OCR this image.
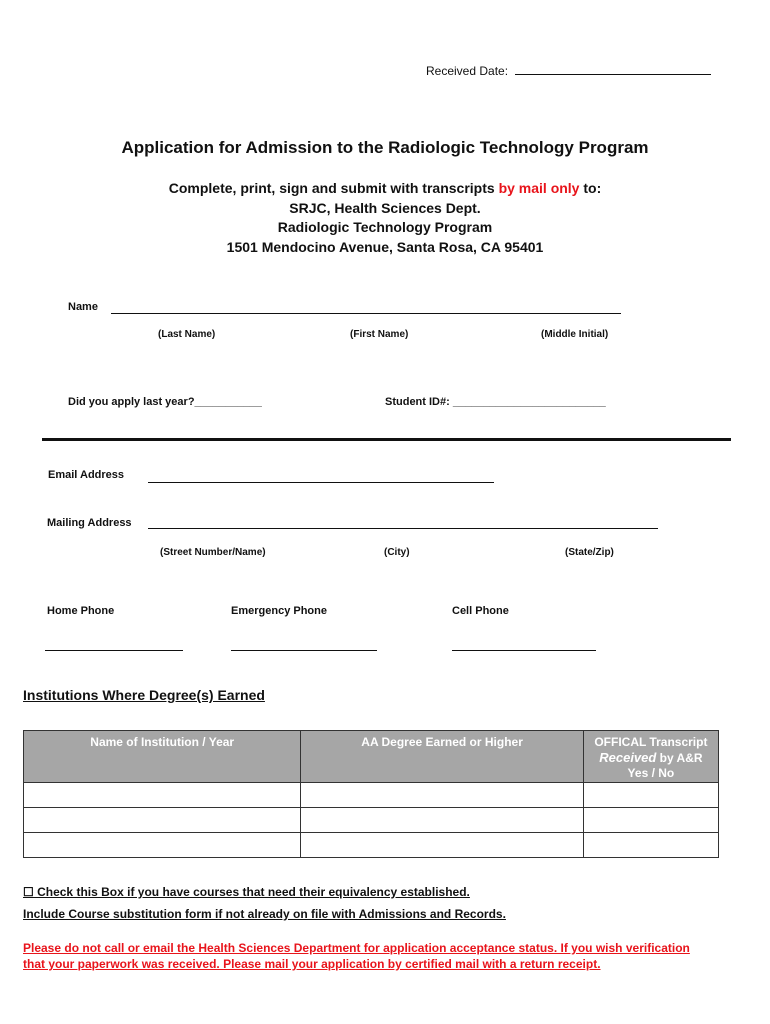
Received Date:
Application for Admission to the Radiologic Technology Program
Complete, print, sign and submit with transcripts by mail only to:
SRJC, Health Sciences Dept.
Radiologic Technology Program
1501 Mendocino Avenue, Santa Rosa, CA 95401
Name
(Last Name)	(First Name)	(Middle Initial)
Did you apply last year?___________	Student ID#: _________________________
Email Address
Mailing Address
(Street Number/Name)	(City)	(State/Zip)
Home Phone	Emergency Phone	Cell Phone
Institutions Where Degree(s) Earned
Name of Institution / Year	AA Degree Earned or Higher	OFFICAL Transcript
Received by A&R
Yes / No

☐ Check this Box if you have courses that need their equivalency established.
Include Course substitution form if not already on file with Admissions and Records.
Please do not call or email the Health Sciences Department for application acceptance status. If you wish verification
that your paperwork was received. Please mail your application by certified mail with a return receipt.
